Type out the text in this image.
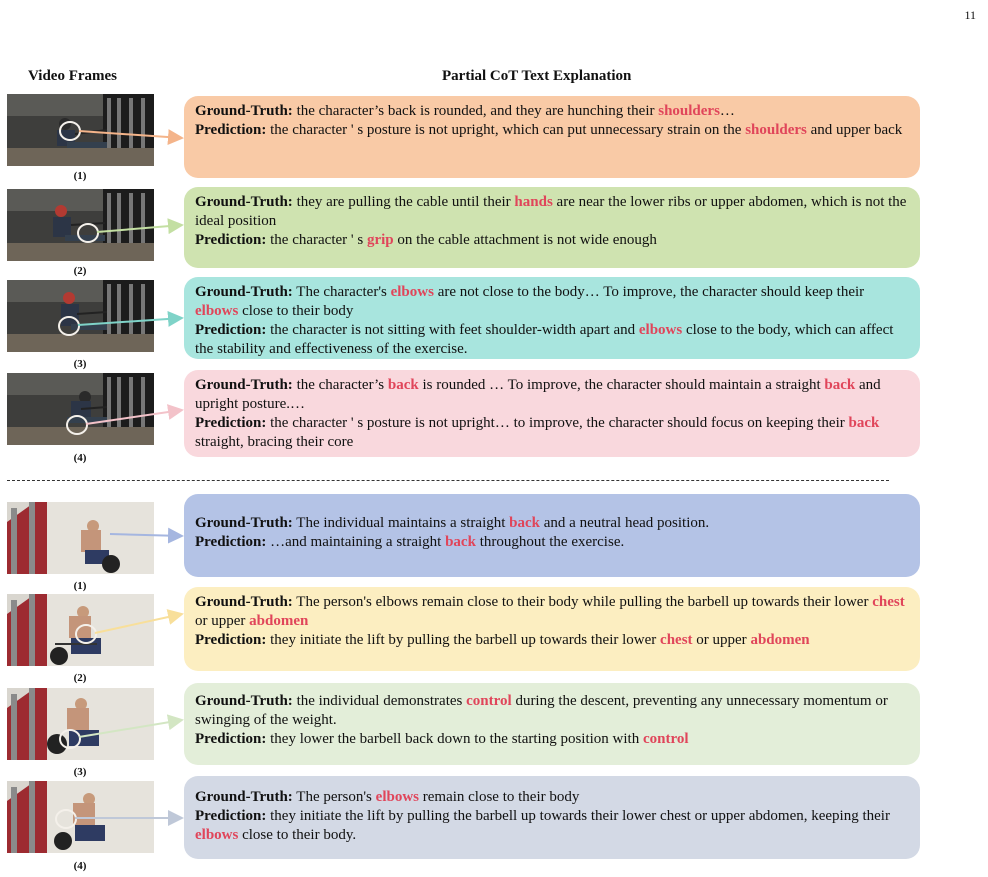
11
Video Frames	Partial CoT Text Explanation
(1)
(2)
(3)
(4)
(1)
(2)
(3)
(4)

Ground-Truth: the character’s back is rounded, and they are hunching their shoulders…

Prediction: the character ' s posture is not upright, which can put unnecessary strain on the shoulders and upper back

Ground-Truth: they are pulling the cable until their hands are near the lower ribs or upper abdomen, which is not the ideal position

Prediction: the character ' s grip on the cable attachment is not wide enough

Ground-Truth: The character's elbows are not close to the body… To improve, the character should keep their elbows close to their body

Prediction: the character is not sitting with feet shoulder-width apart and elbows close to the body, which can affect the stability and effectiveness of the exercise.

Ground-Truth: the character’s back is rounded … To improve, the character should maintain a straight back and upright posture.…

Prediction: the character ' s posture is not upright… to improve, the character should focus on keeping their back straight, bracing their core

Ground-Truth: The individual maintains a straight back and a neutral head position.

Prediction: …and maintaining a straight back throughout the exercise.

Ground-Truth: The person's elbows remain close to their body while pulling the barbell up towards their lower chest or upper abdomen

Prediction: they initiate the lift by pulling the barbell up towards their lower chest or upper abdomen

Ground-Truth: the individual demonstrates control during the descent, preventing any unnecessary momentum or swinging of the weight.

Prediction: they lower the barbell back down to the starting position with control

Ground-Truth: The person's elbows remain close to their body

Prediction: they initiate the lift by pulling the barbell up towards their lower chest or upper abdomen, keeping their elbows close to their body.
